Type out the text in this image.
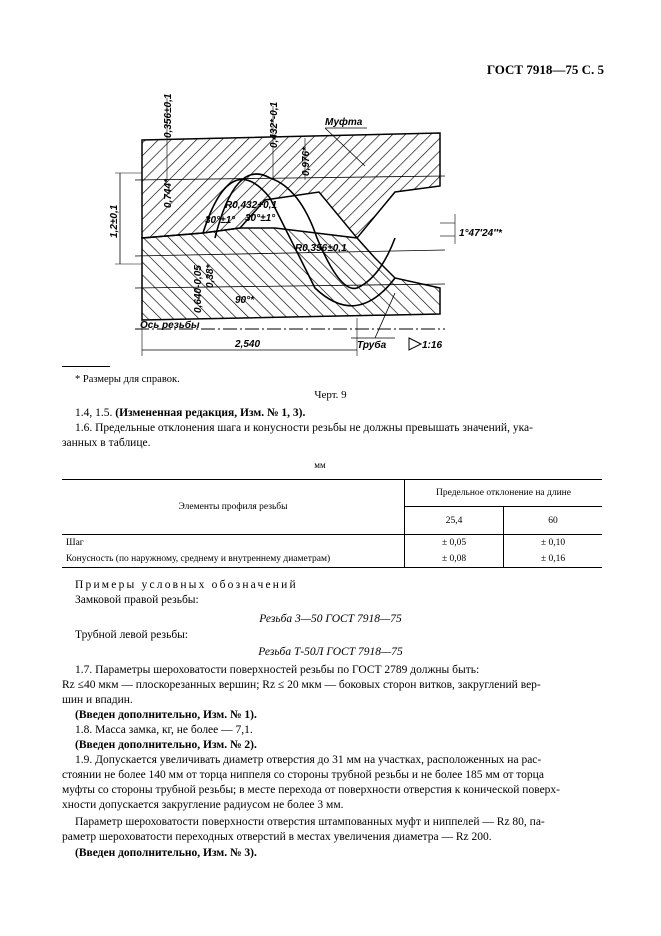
ГОСТ 7918—75 С. 5
Муфта
Труба	1:16
Ось резьбы
2,540
1,2±0,1
0,356±0,1	0,432*-0,1
0,976*
0,744*
0,640-0,05 0,38*
R0,432+0,1
R0,356±0,1
30°±1° 30°±1°
90°*
1°47′24″*
* Размеры для справок.
Черт. 9
1.4, 1.5. (Измененная редакция, Изм. № 1, 3).
1.6. Предельные отклонения шага и конусности резьбы не должны превышать значений, ука-
занных в таблице.
мм
Элементы профиля резьбы	Предельное отклонение на длине	
	25,4	60
Шаг	± 0,05	± 0,10
Конусность (по наружному, среднему и внутреннему диаметрам)	± 0,08	± 0,16
Примеры условных обозначений
Замковой правой резьбы:
Резьба 3—50 ГОСТ 7918—75
Трубной левой резьбы:
Резьба Т-50Л ГОСТ 7918—75
1.7. Параметры шероховатости поверхностей резьбы по ГОСТ 2789 должны быть:
Rz ≤40 мкм — плоскорезанных вершин; Rz ≤ 20 мкм — боковых сторон витков, закруглений вер-
шин и впадин.
(Введен дополнительно, Изм. № 1).
1.8. Масса замка, кг, не более — 7,1.
(Введен дополнительно, Изм. № 2).
1.9. Допускается увеличивать диаметр отверстия до 31 мм на участках, расположенных на рас-
стоянии не более 140 мм от торца ниппеля со стороны трубной резьбы и не более 185 мм от торца
муфты со стороны трубной резьбы; в месте перехода от поверхности отверстия к конической поверх-
хности допускается закругление радиусом не более 3 мм.
Параметр шероховатости поверхности отверстия штампованных муфт и ниппелей — Rz 80, па-
раметр шероховатости переходных отверстий в местах увеличения диаметра — Rz 200.
(Введен дополнительно, Изм. № 3).
